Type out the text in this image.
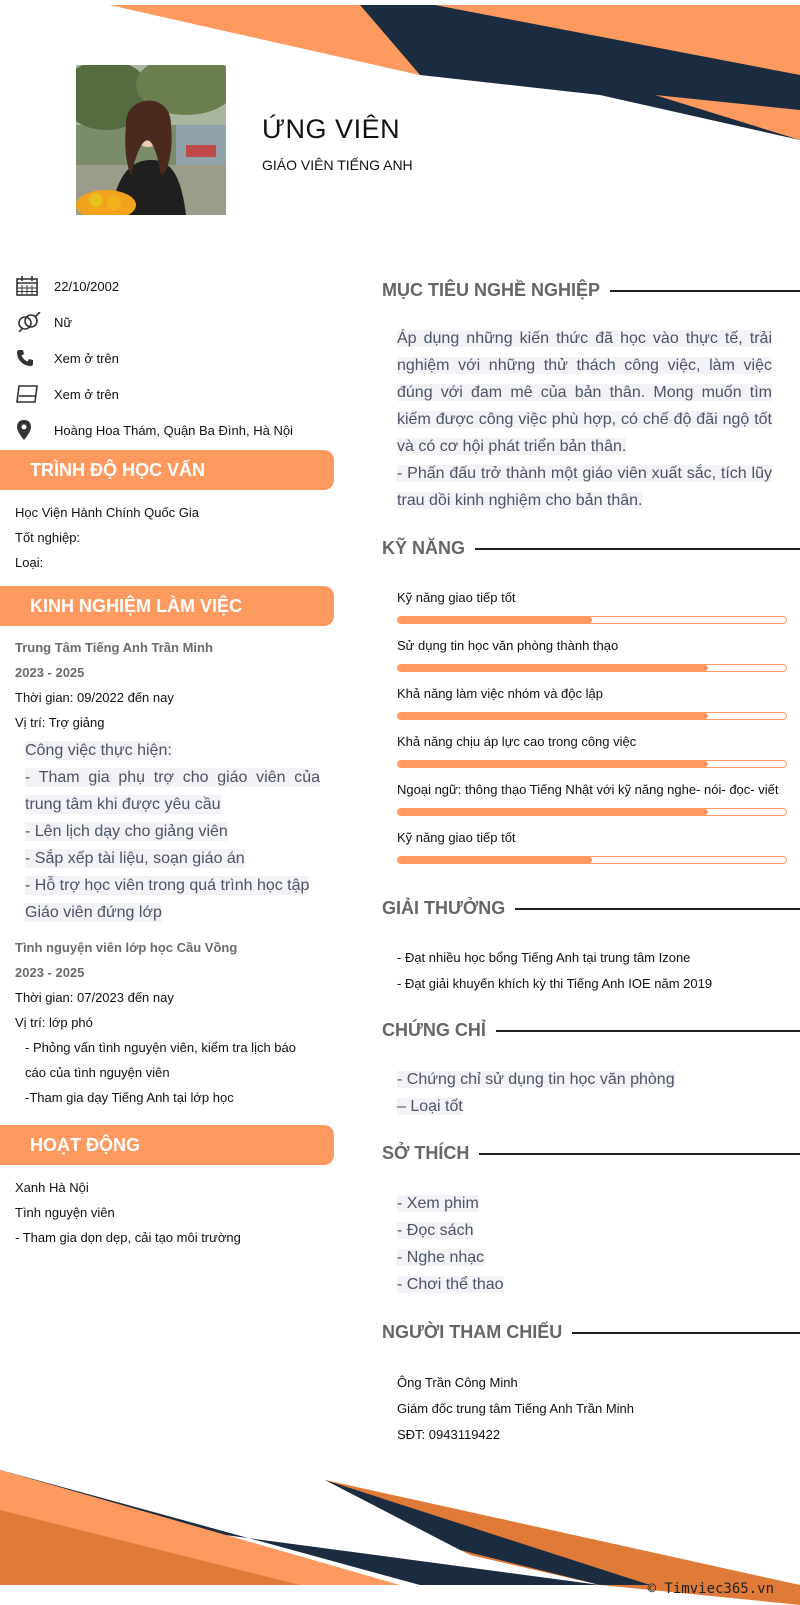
ỨNG VIÊN
GIÁO VIÊN TIẾNG ANH
22/10/2002
Nữ
Xem ở trên
Xem ở trên
Hoàng Hoa Thám, Quận Ba Đình, Hà Nội
TRÌNH ĐỘ HỌC VẤN
Học Viện Hành Chính Quốc Gia
Tốt nghiệp:
Loại:
KINH NGHIỆM LÀM VIỆC
Trung Tâm Tiếng Anh Trần Minh
2023 - 2025
Thời gian: 09/2022 đến nay
Vị trí: Trợ giảng
Công việc thực hiện:
- Tham gia phụ trợ cho giáo viên của trung tâm khi được yêu cầu
- Lên lịch dạy cho giảng viên
- Sắp xếp tài liệu, soạn giáo án
- Hỗ trợ học viên trong quá trình học tập
Giáo viên đứng lớp
Tình nguyện viên lớp học Cầu Vồng
2023 - 2025
Thời gian: 07/2023 đến nay
Vị trí: lớp phó
- Phỏng vấn tình nguyện viên, kiểm tra lịch báo cáo của tình nguyện viên
-Tham gia dạy Tiếng Anh tại lớp học
HOẠT ĐỘNG
Xanh Hà Nội
Tình nguyện viên
- Tham gia dọn dẹp, cải tạo môi trường
MỤC TIÊU NGHỀ NGHIỆP
Áp dụng những kiến thức đã học vào thực tế, trải nghiệm với những thử thách công việc, làm việc đúng với đam mê của bản thân. Mong muốn tìm kiếm được công việc phù hợp, có chế độ đãi ngộ tốt và có cơ hội phát triển bản thân.
- Phấn đấu trở thành một giáo viên xuất sắc, tích lũy trau dồi kinh nghiệm cho bản thân.
KỸ NĂNG
Kỹ năng giao tiếp tốt
Sử dụng tin học văn phòng thành thạo
Khả năng làm việc nhóm và độc lập
Khả năng chịu áp lực cao trong công việc
Ngoại ngữ: thông thạo Tiếng Nhật với kỹ năng nghe- nói- đọc- viết
Kỹ năng giao tiếp tốt
GIẢI THƯỞNG
- Đạt nhiều học bổng Tiếng Anh tại trung tâm Izone
- Đạt giải khuyến khích kỳ thi Tiếng Anh IOE năm 2019
CHỨNG CHỈ
- Chứng chỉ sử dụng tin học văn phòng
– Loại tốt
SỞ THÍCH
- Xem phim
- Đọc sách
- Nghe nhạc
- Chơi thể thao
NGƯỜI THAM CHIẾU
Ông Trần Công Minh
Giám đốc trung tâm Tiếng Anh Trần Minh
SĐT: 0943119422
© Timviec365.vn
